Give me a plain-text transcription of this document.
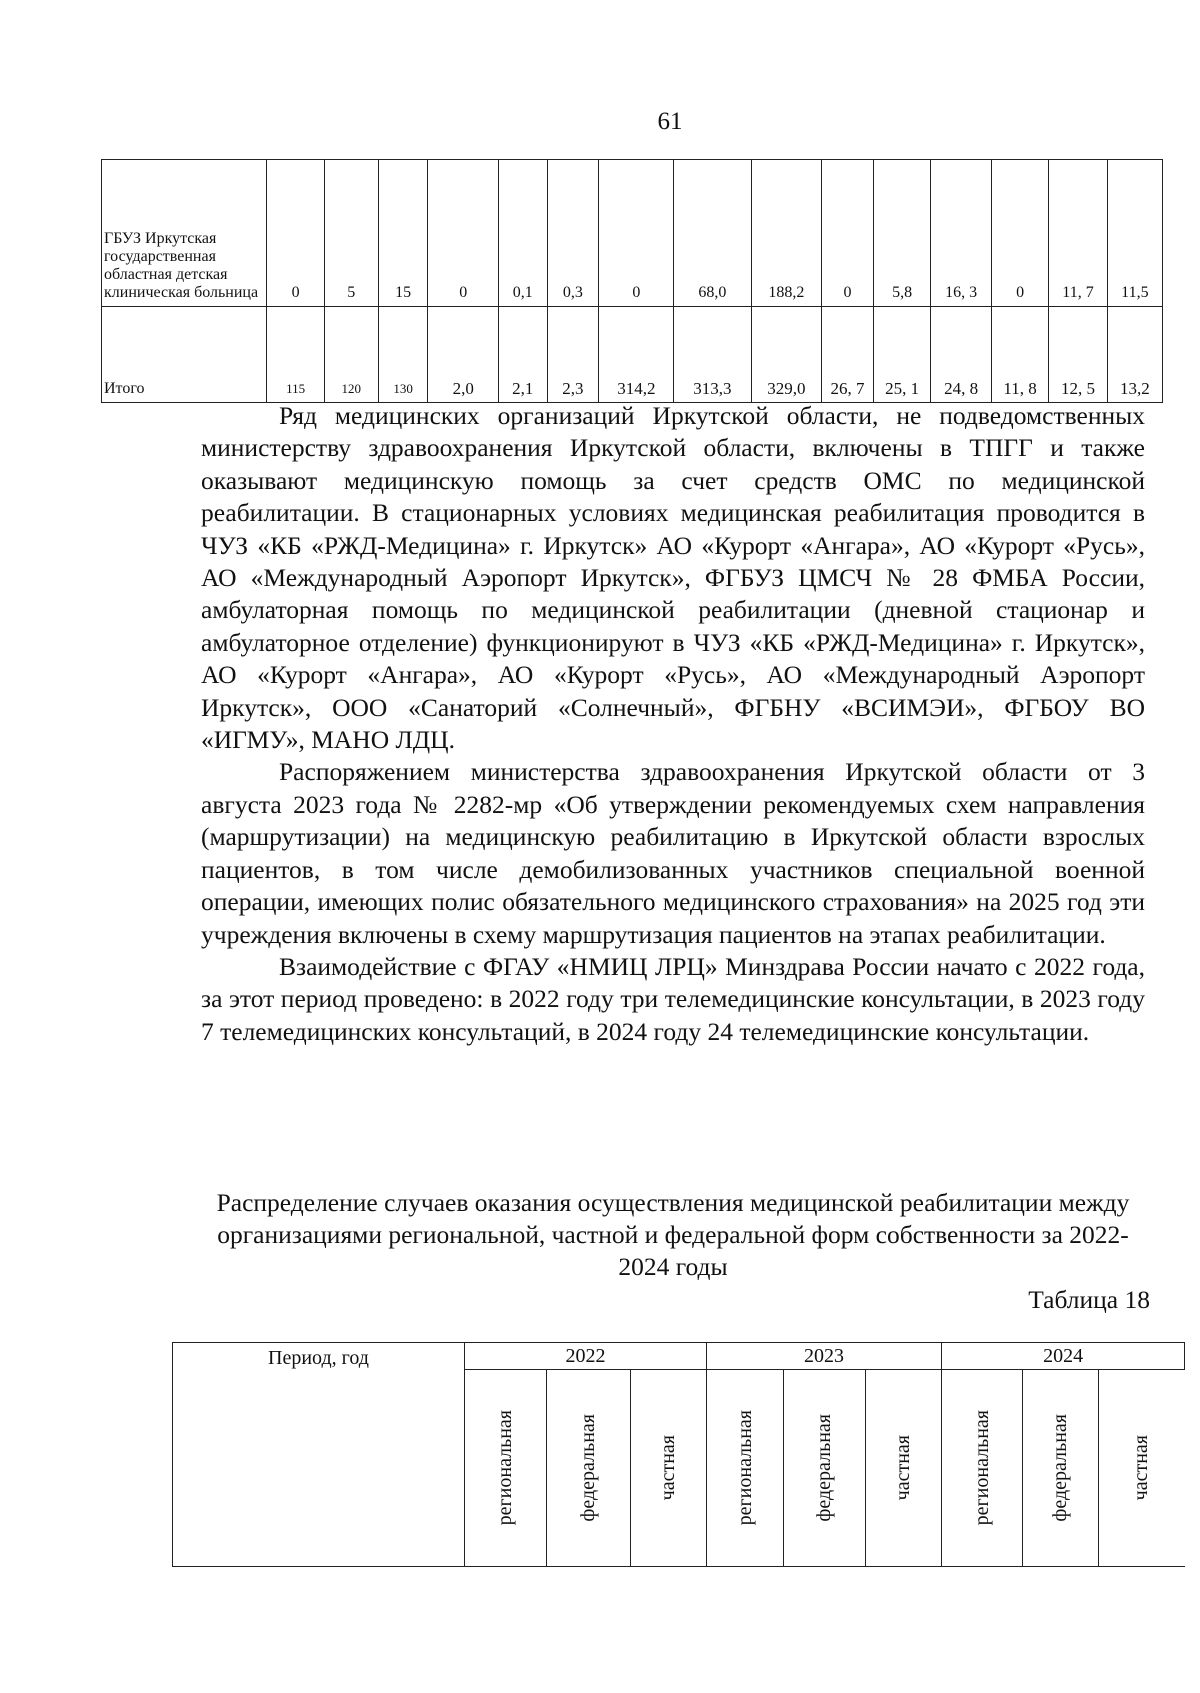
61
ГБУЗ Иркутская государственная областная детская клиническая больница	0	5	15	0	0,1	0,3	0	68,0	188,2	0	5,8	16, 3	0	11, 7	11,5
Итого	115	120	130	2,0	2,1	2,3	314,2	313,3	329,0	26, 7	25, 1	24, 8	11, 8	12, 5	13,2

Ряд медицинских организаций Иркутской области, не подведомственных министерству здравоохранения Иркутской области, включены в ТПГГ и также оказывают медицинскую помощь за счет средств ОМС по медицинской реабилитации. В стационарных условиях медицинская реабилитация проводится в ЧУЗ «КБ «РЖД-Медицина» г. Иркутск» АО «Курорт «Ангара», АО «Курорт «Русь», АО «Международный Аэропорт Иркутск», ФГБУЗ ЦМСЧ № 28 ФМБА России, амбулаторная помощь по медицинской реабилитации (дневной стационар и амбулаторное отделение) функционируют в ЧУЗ «КБ «РЖД-Медицина» г. Иркутск», АО «Курорт «Ангара», АО «Курорт «Русь», АО «Международный Аэропорт Иркутск», ООО «Санаторий «Солнечный», ФГБНУ «ВСИМЭИ», ФГБОУ ВО «ИГМУ», МАНО ЛДЦ.

Распоряжением министерства здравоохранения Иркутской области от 3 августа 2023 года № 2282-мр «Об утверждении рекомендуемых схем направления (маршрутизации) на медицинскую реабилитацию в Иркутской области взрослых пациентов, в том числе демобилизованных участников специальной военной операции, имеющих полис обязательного медицинского страхования» на 2025 год эти учреждения включены в схему маршрутизация пациентов на этапах реабилитации.

Взаимодействие с ФГАУ «НМИЦ ЛРЦ» Минздрава России начато с 2022 года, за этот период проведено: в 2022 году три телемедицинские консультации, в 2023 году 7 телемедицинских консультаций, в 2024 году 24 телемедицинские консультации.

Распределение случаев оказания осуществления медицинской реабилитации между организациями региональной, частной и федеральной форм собственности за 2022-2024 годы
Таблица 18
Период, год	2022			2023			2024		

	региональная	федеральная	частная	региональная	федеральная	частная	региональная	федеральная	частная
